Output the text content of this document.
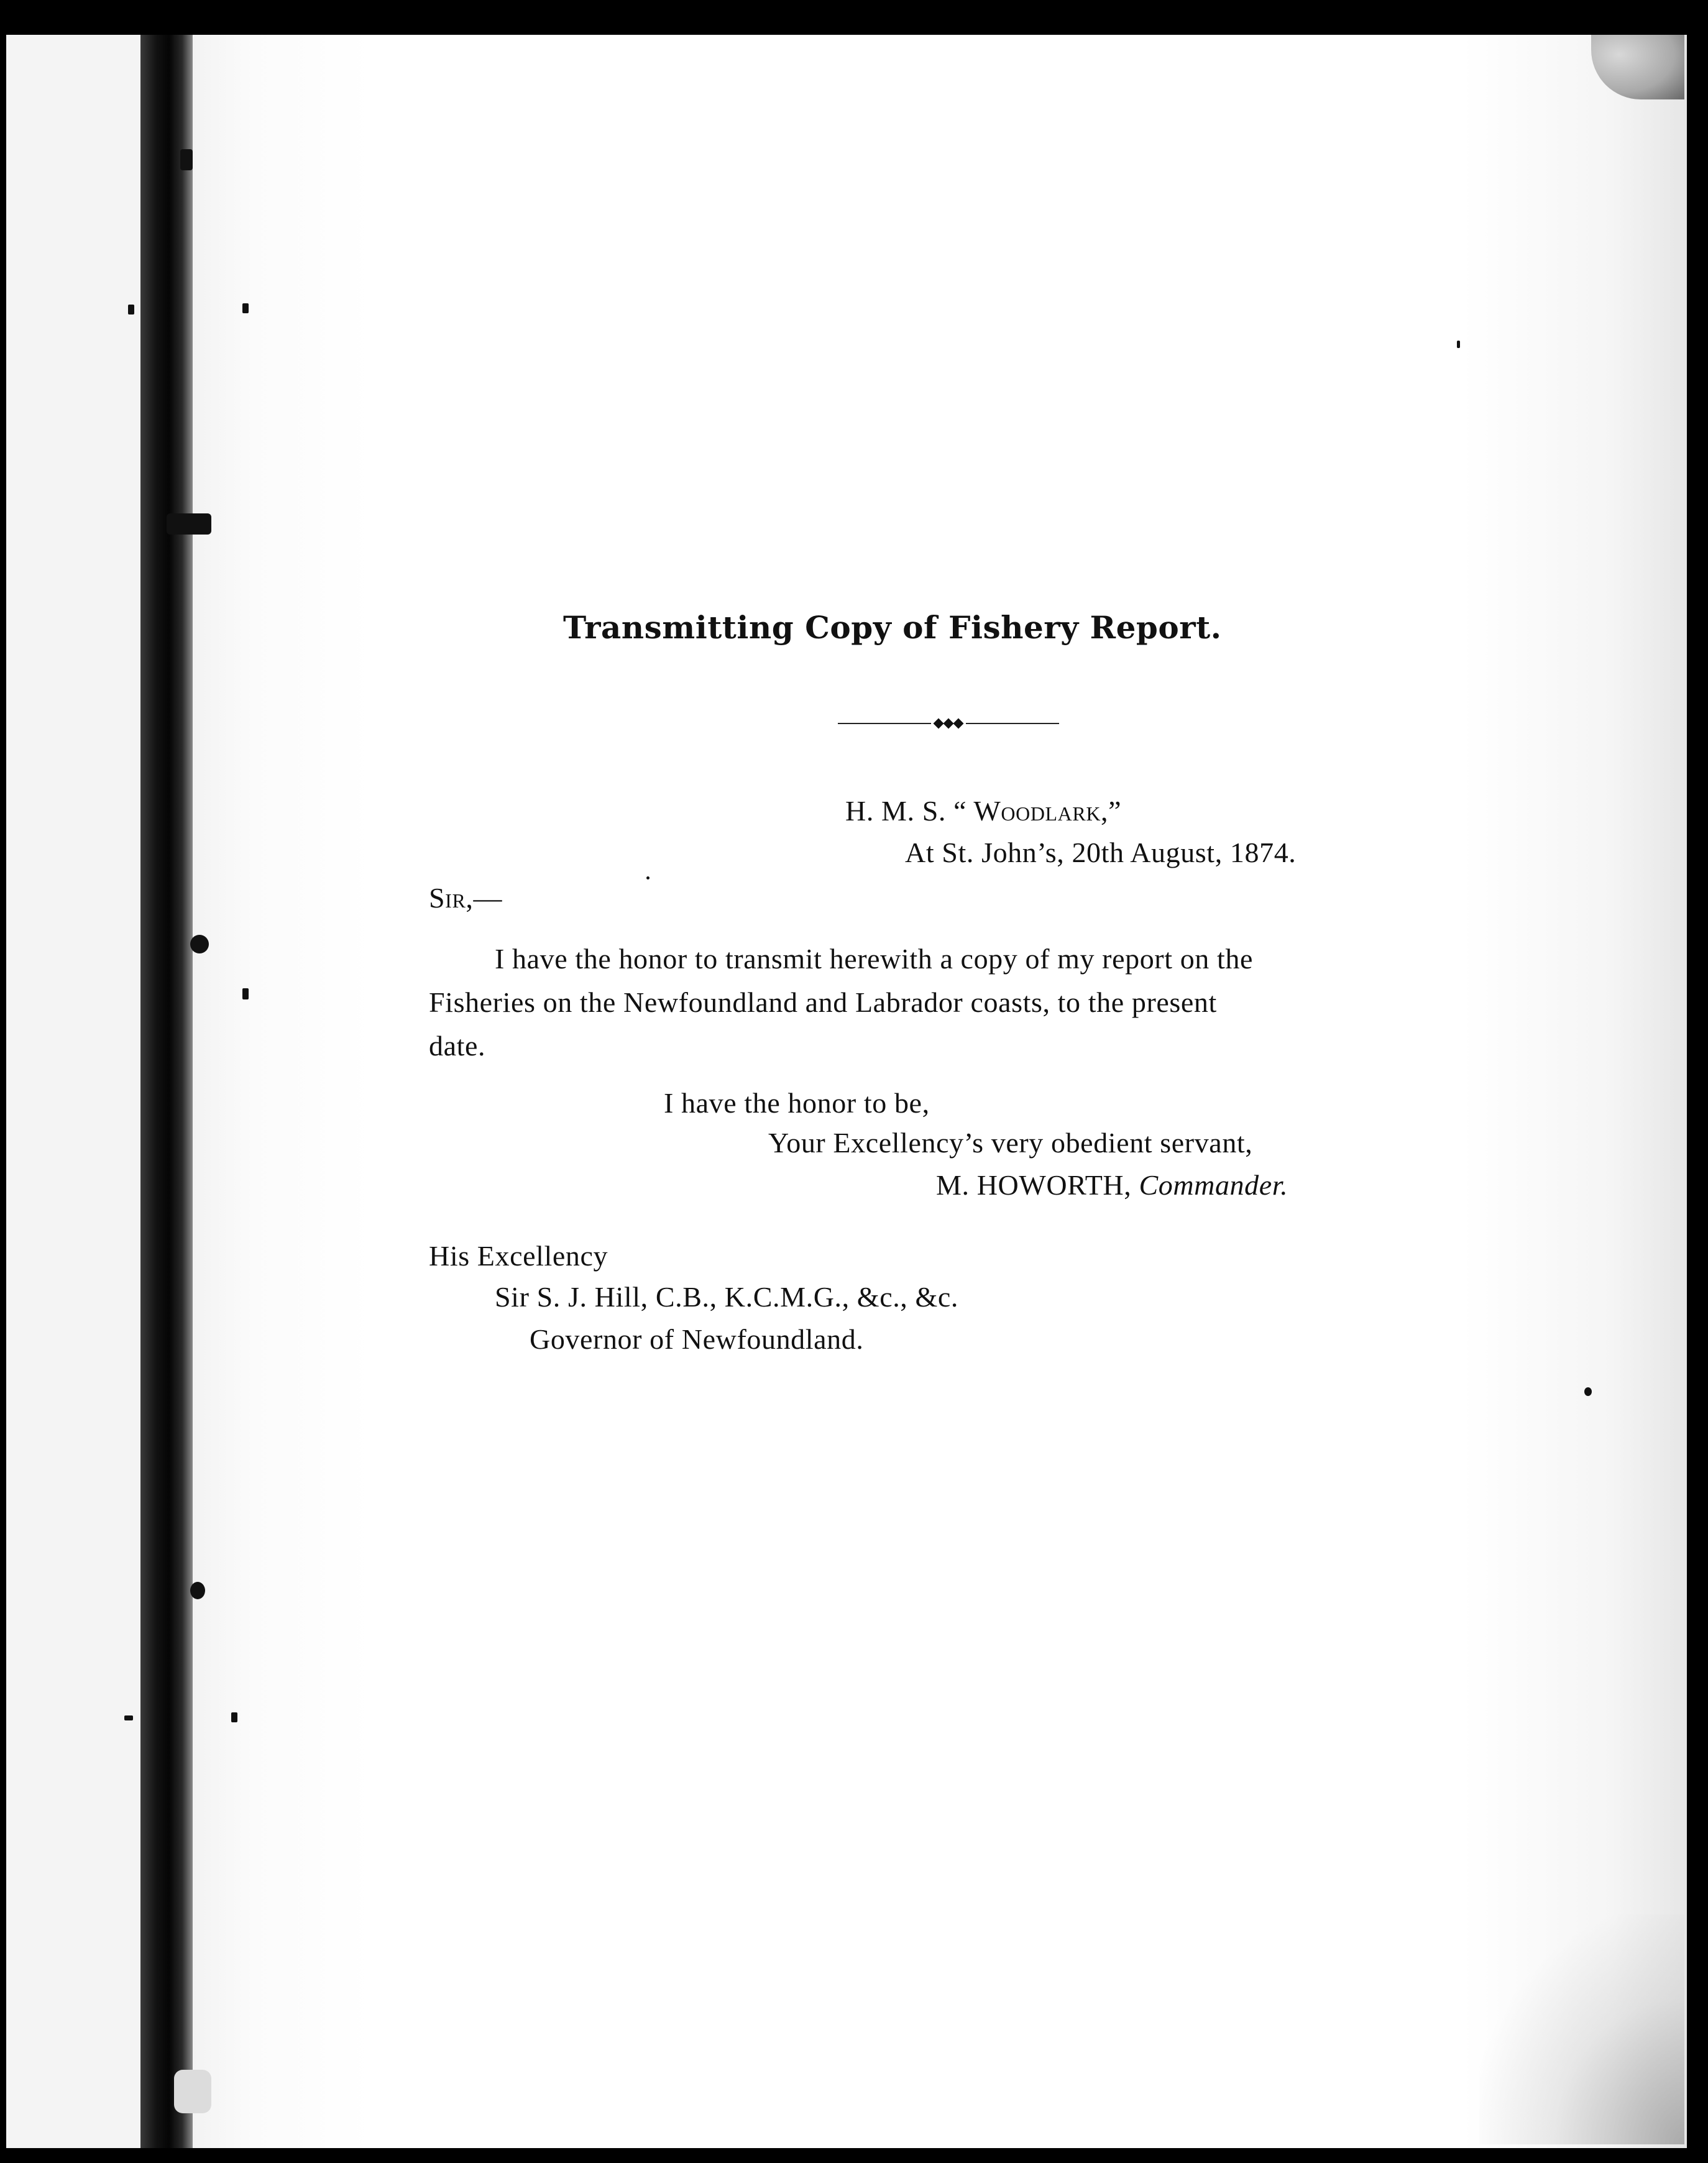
Transmitting Copy of Fishery Report.
H. M. S. “ Woodlark,”
At St. John’s, 20th August, 1874.
Sir,—
I have the honor to transmit herewith a copy of my report on the
Fisheries on the Newfoundland and Labrador coasts, to the present
date.
I have the honor to be,
Your Excellency’s very obedient servant,
M. HOWORTH, Commander.
His Excellency
Sir S. J. Hill, C.B., K.C.M.G., &c., &c.
Governor of Newfoundland.
